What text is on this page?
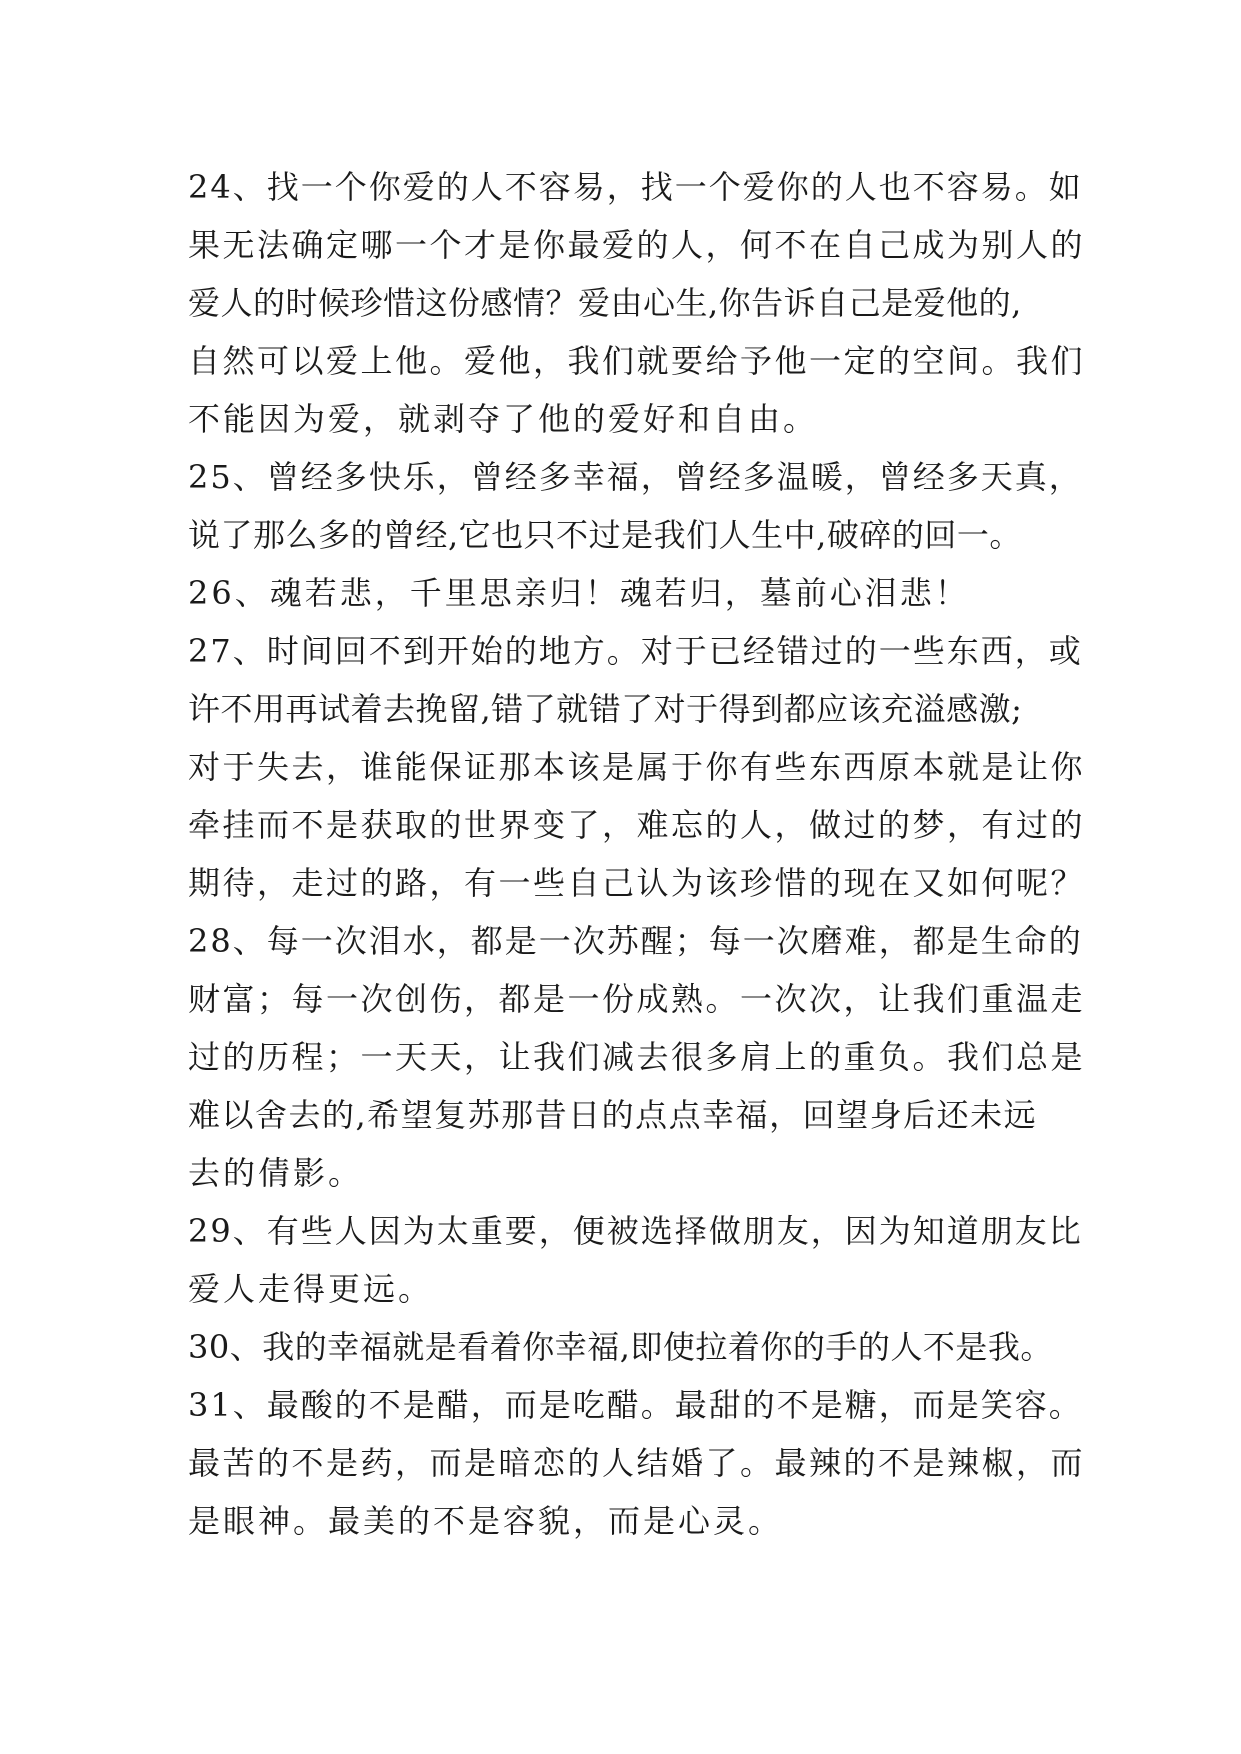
24、找一个你爱的人不容易，找一个爱你的人也不容易。如
果无法确定哪一个才是你最爱的人，何不在自己成为别人的
爱人的时候珍惜这份感情？爱由心生,你告诉自己是爱他的,
自然可以爱上他。爱他，我们就要给予他一定的空间。我们
不能因为爱，就剥夺了他的爱好和自由。
25、曾经多快乐，曾经多幸福，曾经多温暖，曾经多天真，
说了那么多的曾经,它也只不过是我们人生中,破碎的回一。
26、魂若悲，千里思亲归！魂若归，墓前心泪悲！
27、时间回不到开始的地方。对于已经错过的一些东西，或
许不用再试着去挽留,错了就错了对于得到都应该充溢感激;
对于失去，谁能保证那本该是属于你有些东西原本就是让你
牵挂而不是获取的世界变了，难忘的人，做过的梦，有过的
期待，走过的路，有一些自己认为该珍惜的现在又如何呢？
28、每一次泪水，都是一次苏醒；每一次磨难，都是生命的
财富；每一次创伤，都是一份成熟。一次次，让我们重温走
过的历程；一天天，让我们减去很多肩上的重负。我们总是
难以舍去的,希望复苏那昔日的点点幸福，回望身后还未远
去的倩影。
29、有些人因为太重要，便被选择做朋友，因为知道朋友比
爱人走得更远。
30、我的幸福就是看着你幸福,即使拉着你的手的人不是我。
31、最酸的不是醋，而是吃醋。最甜的不是糖，而是笑容。
最苦的不是药，而是暗恋的人结婚了。最辣的不是辣椒，而
是眼神。最美的不是容貌，而是心灵。
